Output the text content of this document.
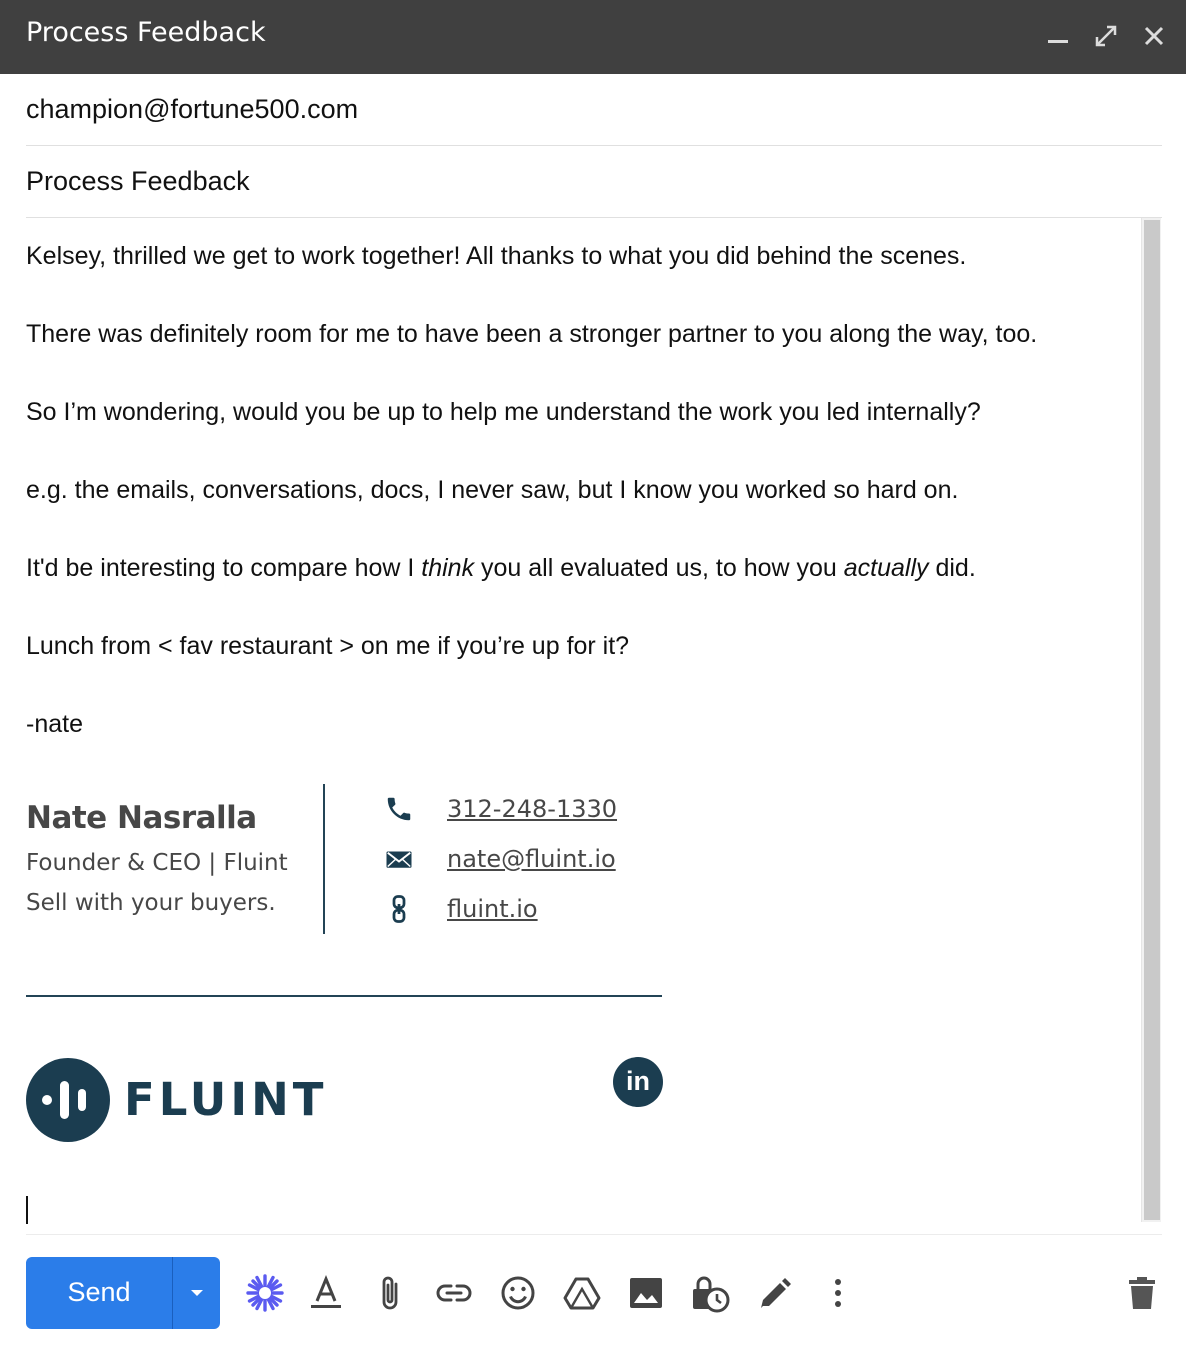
Process Feedback
champion@fortune500.com
Process Feedback
Kelsey, thrilled we get to work together! All thanks to what you did behind the scenes.
There was definitely room for me to have been a stronger partner to you along the way, too.
So I’m wondering, would you be up to help me understand the work you led internally?
e.g. the emails, conversations, docs, I never saw, but I know you worked so hard on.
It'd be interesting to compare how I think you all evaluated us, to how you actually did.
Lunch from < fav restaurant > on me if you’re up for it?
-nate
Nate Nasralla
Founder & CEO | Fluint
Sell with your buyers.
312-248-1330
nate@fluint.io
fluint.io
FLUINT	in
Send
